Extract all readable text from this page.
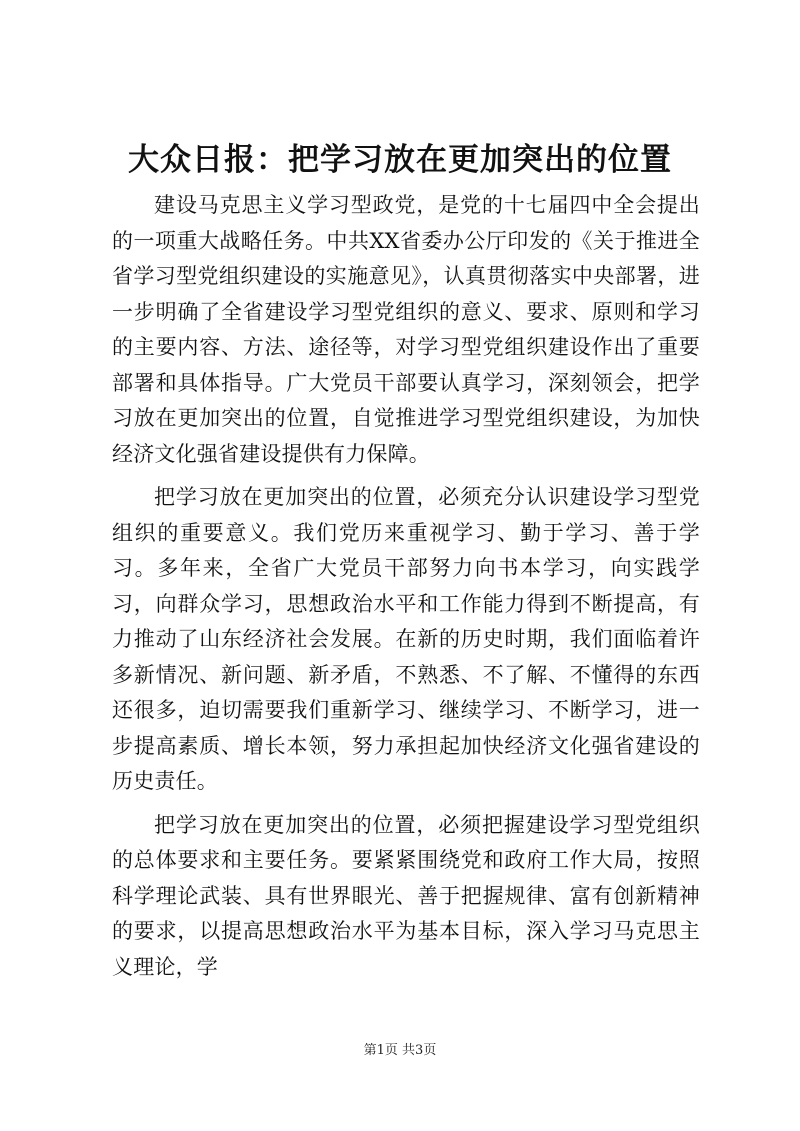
大众日报：把学习放在更加突出的位置

建设马克思主义学习型政党，是党的十七届四中全会提出的一项重大战略任务。中共XX省委办公厅印发的《关于推进全省学习型党组织建设的实施意见》，认真贯彻落实中央部署，进一步明确了全省建设学习型党组织的意义、要求、原则和学习的主要内容、方法、途径等，对学习型党组织建设作出了重要部署和具体指导。广大党员干部要认真学习，深刻领会，把学习放在更加突出的位置，自觉推进学习型党组织建设，为加快经济文化强省建设提供有力保障。

把学习放在更加突出的位置，必须充分认识建设学习型党组织的重要意义。我们党历来重视学习、勤于学习、善于学习。多年来，全省广大党员干部努力向书本学习，向实践学习，向群众学习，思想政治水平和工作能力得到不断提高，有力推动了山东经济社会发展。在新的历史时期，我们面临着许多新情况、新问题、新矛盾，不熟悉、不了解、不懂得的东西还很多，迫切需要我们重新学习、继续学习、不断学习，进一步提高素质、增长本领，努力承担起加快经济文化强省建设的历史责任。

把学习放在更加突出的位置，必须把握建设学习型党组织的总体要求和主要任务。要紧紧围绕党和政府工作大局，按照科学理论武装、具有世界眼光、善于把握规律、富有创新精神的要求，以提高思想政治水平为基本目标，深入学习马克思主义理论，学

第1页 共3页
